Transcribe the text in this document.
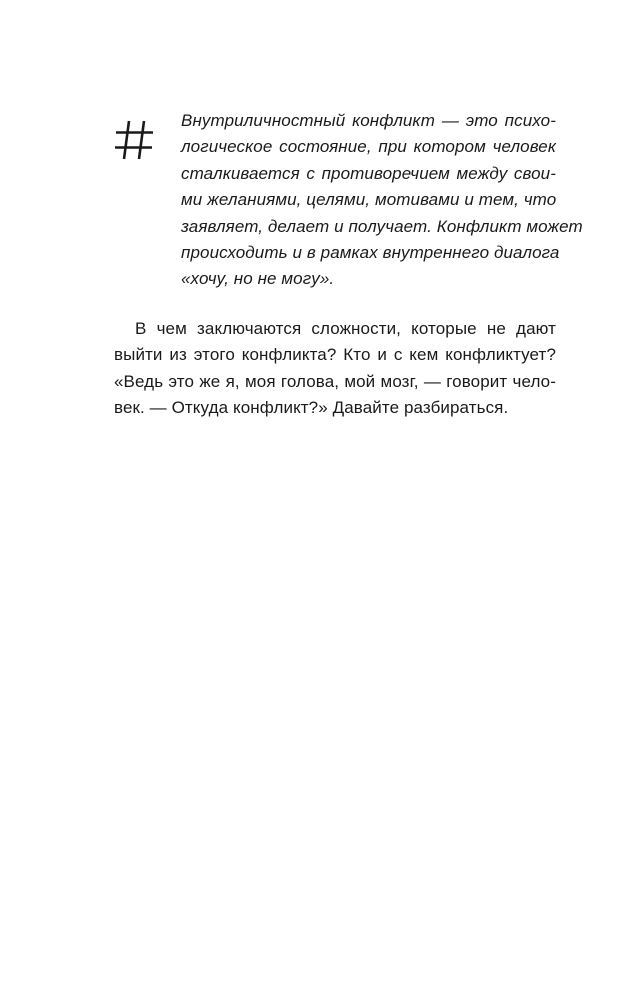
Внутриличностный конфликт — это психо-
логическое состояние, при котором человек
сталкивается с противоречием между свои-
ми желаниями, целями, мотивами и тем, что
заявляет, делает и получает. Конфликт может
происходить и в рамках внутреннего диалога
«хочу, но не могу».

В чем заключаются сложности, которые не дают
выйти из этого конфликта? Кто и с кем конфликтует?
«Ведь это же я, моя голова, мой мозг, — говорит чело-
век. — Откуда конфликт?» Давайте разбираться.
